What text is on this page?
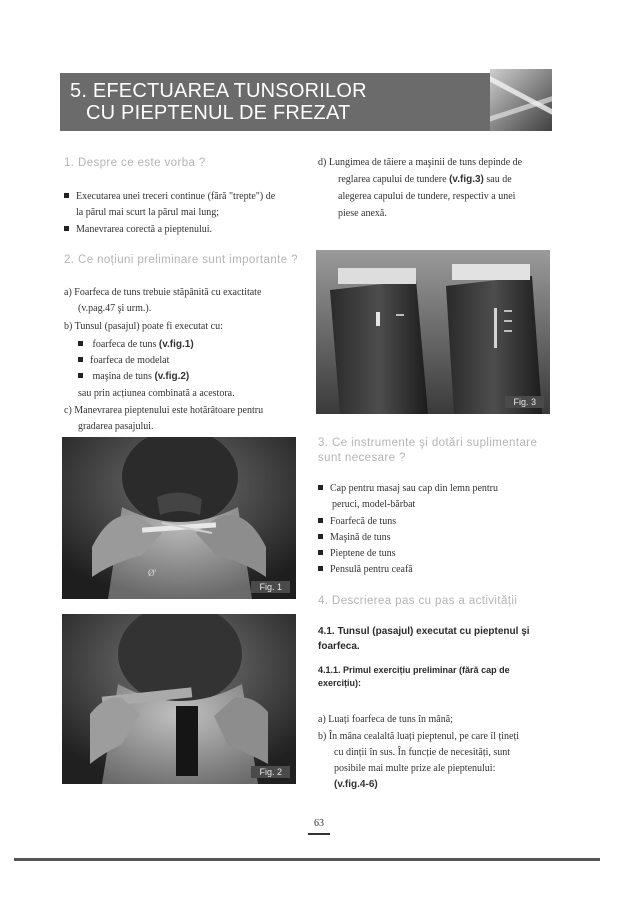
5. EFECTUAREA TUNSORILOR
CU PIEPTENUL DE FREZAT
1. Despre ce este vorba ?
Executarea unei treceri continue (fără "trepte") de
la părul mai scurt la părul mai lung;
Manevrarea corectă a pieptenului.
2. Ce noțiuni preliminare sunt importante ?
a) Foarfeca de tuns trebuie stăpânită cu exactitate
(v.pag.47 şi urm.).
b) Tunsul (pasajul) poate fi executat cu:
foarfeca de tuns (v.fig.1)
foarfeca de modelat
maşina de tuns (v.fig.2)
sau prin acțiunea combinată a acestora.
c) Manevrarea pieptenului este hotărâtoare pentru
gradarea pasajului.
Fig. 1
Ø'
Fig. 2
d) Lungimea de tăiere a maşinii de tuns depinde de
reglarea capului de tundere (v.fig.3) sau de
alegerea capului de tundere, respectiv a unei
piese anexă.
Fig. 3
3. Ce instrumente şi dotări suplimentare
sunt necesare ?
Cap pentru masaj sau cap din lemn pentru
peruci, model-bărbat
Foarfecă de tuns
Maşină de tuns
Pieptene de tuns
Pensulă pentru ceafă
4. Descrierea pas cu pas a activității
4.1. Tunsul (pasajul) executat cu pieptenul şi
foarfeca.
4.1.1. Primul exercițiu preliminar (fără cap de
exercițiu):
a) Luați foarfeca de tuns în mână;
b) În mâna cealaltă luați pieptenul, pe care îl țineți
cu dinții în sus. În funcție de necesități, sunt
posibile mai multe prize ale pieptenului:
(v.fig.4-6)
63
